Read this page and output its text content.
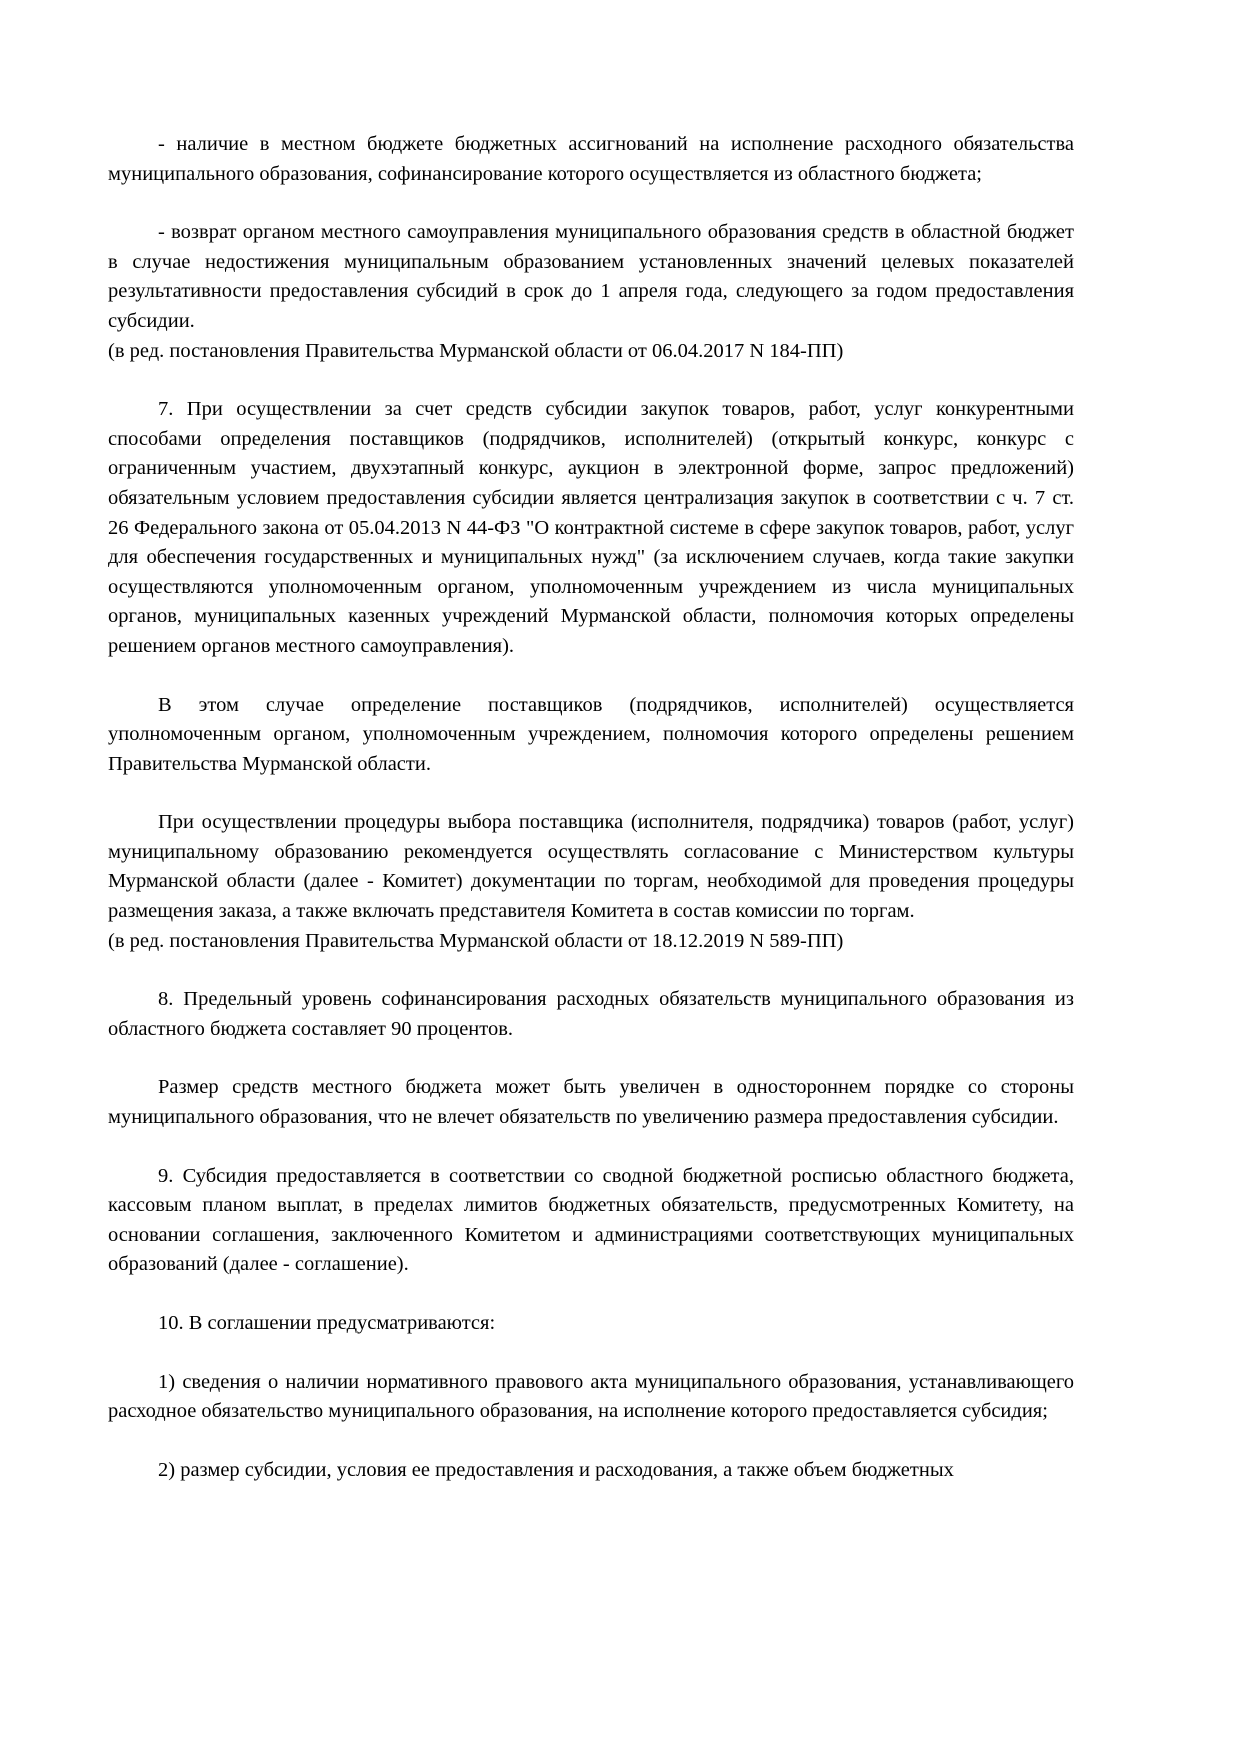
- наличие в местном бюджете бюджетных ассигнований на исполнение расходного обязательства муниципального образования, софинансирование которого осуществляется из областного бюджета;

- возврат органом местного самоуправления муниципального образования средств в областной бюджет в случае недостижения муниципальным образованием установленных значений целевых показателей результативности предоставления субсидий в срок до 1 апреля года, следующего за годом предоставления субсидии.

(в ред. постановления Правительства Мурманской области от 06.04.2017 N 184-ПП)

7. При осуществлении за счет средств субсидии закупок товаров, работ, услуг конкурентными способами определения поставщиков (подрядчиков, исполнителей) (открытый конкурс, конкурс с ограниченным участием, двухэтапный конкурс, аукцион в электронной форме, запрос предложений) обязательным условием предоставления субсидии является централизация закупок в соответствии с ч. 7 ст. 26 Федерального закона от 05.04.2013 N 44-ФЗ "О контрактной системе в сфере закупок товаров, работ, услуг для обеспечения государственных и муниципальных нужд" (за исключением случаев, когда такие закупки осуществляются уполномоченным органом, уполномоченным учреждением из числа муниципальных органов, муниципальных казенных учреждений Мурманской области, полномочия которых определены решением органов местного самоуправления).

В этом случае определение поставщиков (подрядчиков, исполнителей) осуществляется уполномоченным органом, уполномоченным учреждением, полномочия которого определены решением Правительства Мурманской области.

При осуществлении процедуры выбора поставщика (исполнителя, подрядчика) товаров (работ, услуг) муниципальному образованию рекомендуется осуществлять согласование с Министерством культуры Мурманской области (далее - Комитет) документации по торгам, необходимой для проведения процедуры размещения заказа, а также включать представителя Комитета в состав комиссии по торгам.

(в ред. постановления Правительства Мурманской области от 18.12.2019 N 589-ПП)

8. Предельный уровень софинансирования расходных обязательств муниципального образования из областного бюджета составляет 90 процентов.

Размер средств местного бюджета может быть увеличен в одностороннем порядке со стороны муниципального образования, что не влечет обязательств по увеличению размера предоставления субсидии.

9. Субсидия предоставляется в соответствии со сводной бюджетной росписью областного бюджета, кассовым планом выплат, в пределах лимитов бюджетных обязательств, предусмотренных Комитету, на основании соглашения, заключенного Комитетом и администрациями соответствующих муниципальных образований (далее - соглашение).

10. В соглашении предусматриваются:

1) сведения о наличии нормативного правового акта муниципального образования, устанавливающего расходное обязательство муниципального образования, на исполнение которого предоставляется субсидия;

2) размер субсидии, условия ее предоставления и расходования, а также объем бюджетных
